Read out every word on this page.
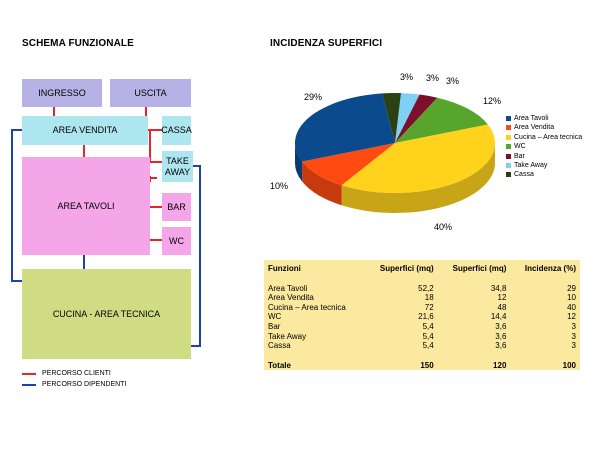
SCHEMA FUNZIONALE
INGRESSO	USCITA
AREA VENDITA	CASSA
TAKE AWAY
AREA TAVOLI	BAR
WC
CUCINA - AREA TECNICA
PERCORSO CLIENTI
PERCORSO DIPENDENTI
INCIDENZA SUPERFICI
Area Tavoli
Area Vendita
Cucina – Area tecnica
WC
Bar
Take Away
Cassa
29%
10%
40%
12%
3%
3%
3%
Funzioni	Superfici (mq)	Superfici (mq)	Incidenza (%)

Area Tavoli	52,2	34,8	29
Area Vendita	18	12	10
Cucina – Area tecnica	72	48	40
WC	21,6	14,4	12
Bar	5,4	3,6	3
Take Away	5,4	3,6	3
Cassa	5,4	3,6	3

Totale	150	120	100
